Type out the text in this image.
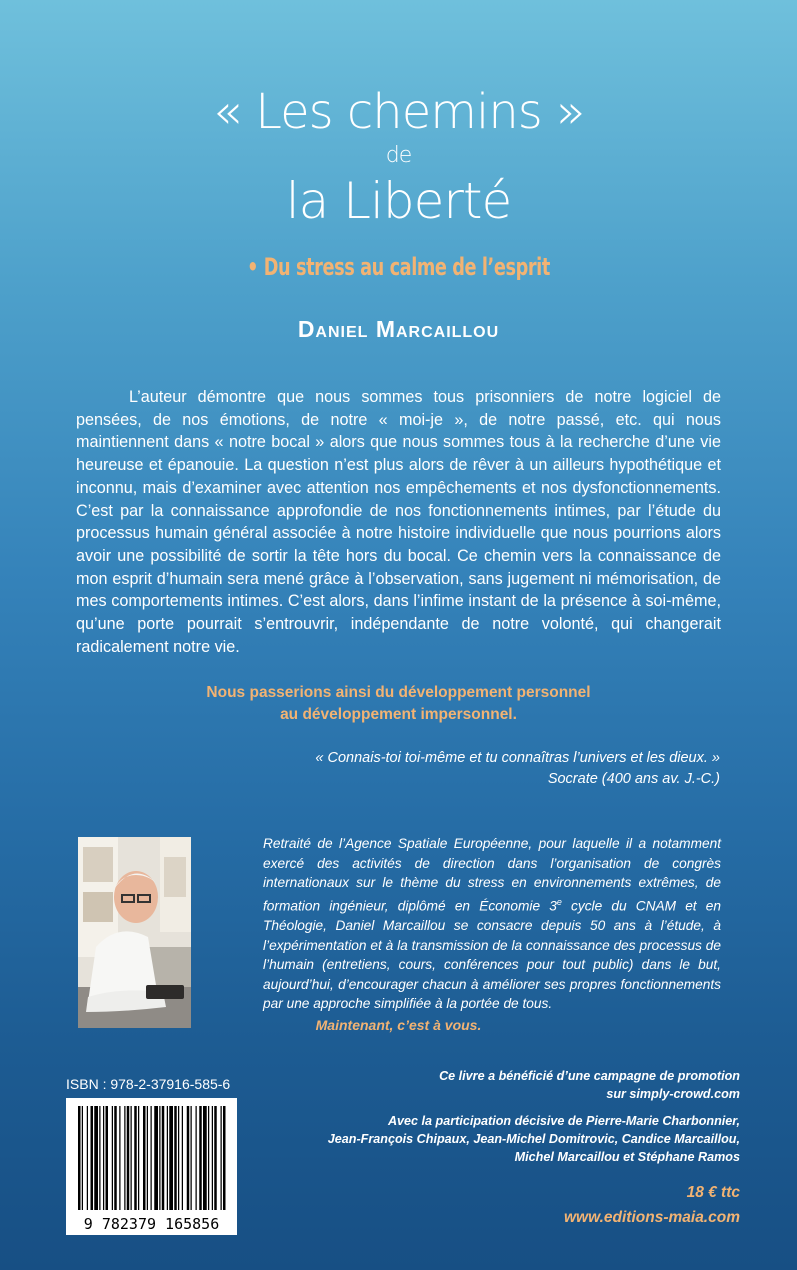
« Les chemins »
de
la Liberté
• Du stress au calme de l’esprit
Daniel Marcaillou

L’auteur démontre que nous sommes tous prisonniers de notre logiciel de pensées, de nos émotions, de notre « moi-je », de notre passé, etc. qui nous maintiennent dans « notre bocal » alors que nous sommes tous à la recherche d’une vie heureuse et épanouie. La question n’est plus alors de rêver à un ailleurs hypothétique et inconnu, mais d’examiner avec attention nos empêchements et nos dysfonctionnements. C’est par la connaissance approfondie de nos fonctionnements intimes, par l’étude du processus humain général associée à notre histoire individuelle que nous pourrions alors avoir une possibilité de sortir la tête hors du bocal. Ce chemin vers la connaissance de mon esprit d’humain sera mené grâce à l’observation, sans jugement ni mémorisation, de mes comportements intimes. C’est alors, dans l’infime instant de la présence à soi-même, qu’une porte pourrait s’entrouvrir, indépendante de notre volonté, qui changerait radicalement notre vie.

Nous passerions ainsi du développement personnel
au développement impersonnel.
« Connais-toi toi-même et tu connaîtras l’univers et les dieux. »
Socrate (400 ans av. J.-C.)

Retraité de l’Agence Spatiale Européenne, pour laquelle il a notamment exercé des activités de direction dans l’organisation de congrès internationaux sur le thème du stress en environnements extrêmes, de formation ingénieur, diplômé en Économie 3e cycle du CNAM et en Théologie, Daniel Marcaillou se consacre depuis 50 ans à l’étude, à l’expérimentation et à la transmission de la connaissance des processus de l’humain (entretiens, cours, conférences pour tout public) dans le but, aujourd’hui, d’encourager chacun à améliorer ses propres fonctionnements par une approche simplifiée à la portée de tous.

Maintenant, c’est à vous.
ISBN : 978-2-37916-585-6
9 782379 165856
Ce livre a bénéficié d’une campagne de promotion
sur simply-crowd.com
Avec la participation décisive de Pierre-Marie Charbonnier,
Jean-François Chipaux, Jean-Michel Domitrovic, Candice Marcaillou,
Michel Marcaillou et Stéphane Ramos
18 € ttc
www.editions-maia.com
